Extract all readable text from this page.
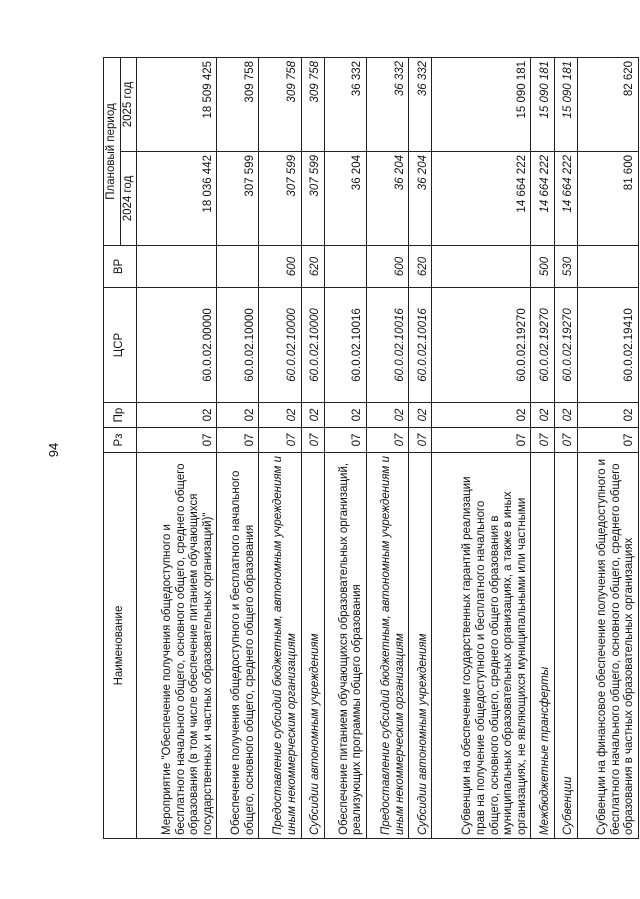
94
Наименование	Рз	Пр	ЦСР	ВР	Плановый период	
					2024 год	2025 год
Мероприятие "Обеспечение получения общедоступного и бесплатного начального общего, основного общего, среднего общего образования (в том числе обеспечение питанием обучающихся государственных и частных образовательных организаций)"	07	02	60.0.02.00000		18 036 442	18 509 425
Обеспечение получения общедоступного и бесплатного начального общего, основного общего, среднего общего образования	07	02	60.0.02.10000		307 599	309 758
Предоставление субсидий бюджетным, автономным учреждениям и иным некоммерческим организациям	07	02	60.0.02.10000	600	307 599	309 758
Субсидии автономным учреждениям	07	02	60.0.02.10000	620	307 599	309 758
Обеспечение питанием обучающихся образовательных организаций, реализующих программы общего образования	07	02	60.0.02.10016		36 204	36 332
Предоставление субсидий бюджетным, автономным учреждениям и иным некоммерческим организациям	07	02	60.0.02.10016	600	36 204	36 332
Субсидии автономным учреждениям	07	02	60.0.02.10016	620	36 204	36 332
Субвенции на обеспечение государственных гарантий реализации прав на получение общедоступного и бесплатного начального общего, основного общего, среднего общего образования в муниципальных образовательных организациях, а также в иных организациях, не являющихся муниципальными или частными	07	02	60.0.02.19270		14 664 222	15 090 181
Межбюджетные трансферты	07	02	60.0.02.19270	500	14 664 222	15 090 181
Субвенции	07	02	60.0.02.19270	530	14 664 222	15 090 181
Субвенции на финансовое обеспечение получения общедоступного и бесплатного начального общего, основного общего, среднего общего образования в частных образовательных организациях	07	02	60.0.02.19410		81 600	82 620
